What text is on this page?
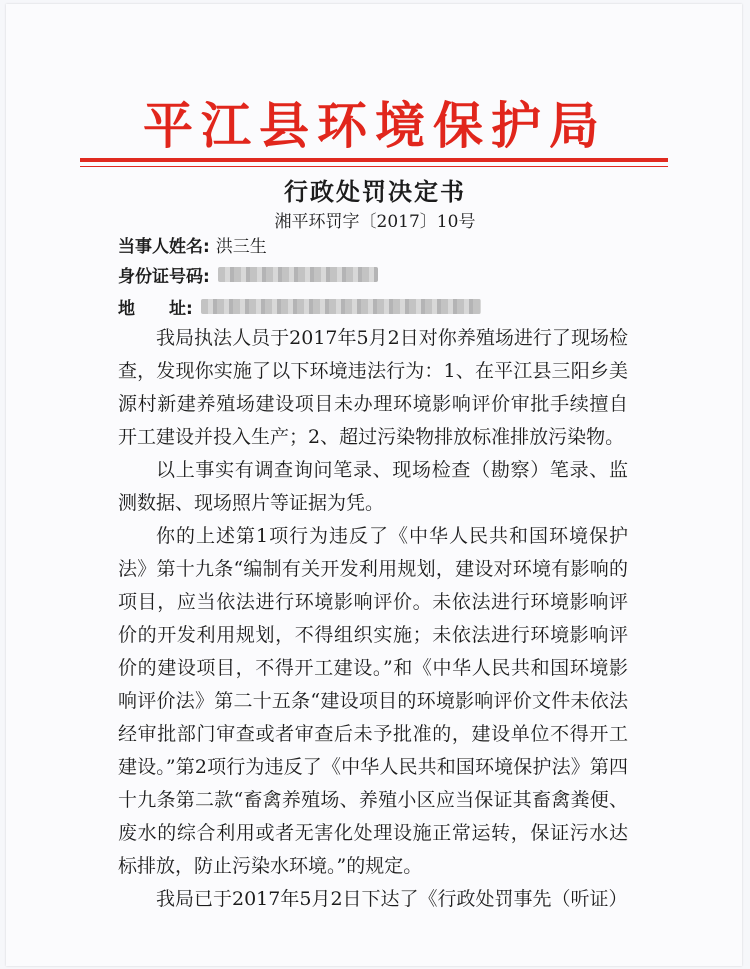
平江县环境保护局
行政处罚决定书
湘平环罚字〔2017〕10号
当事人姓名: 洪三生
身份证号码:
地　　址:

我局执法人员于2017年5月2日对你养殖场进行了现场检查，发现你实施了以下环境违法行为：1、在平江县三阳乡美源村新建养殖场建设项目未办理环境影响评价审批手续擅自开工建设并投入生产；2、超过污染物排放标准排放污染物。

以上事实有调查询问笔录、现场检查（勘察）笔录、监测数据、现场照片等证据为凭。

你的上述第1项行为违反了《中华人民共和国环境保护法》第十九条“编制有关开发利用规划，建设对环境有影响的项目，应当依法进行环境影响评价。未依法进行环境影响评价的开发利用规划，不得组织实施；未依法进行环境影响评价的建设项目，不得开工建设。”和《中华人民共和国环境影响评价法》第二十五条“建设项目的环境影响评价文件未依法经审批部门审查或者审查后未予批准的，建设单位不得开工建设。”第2项行为违反了《中华人民共和国环境保护法》第四十九条第二款“畜禽养殖场、养殖小区应当保证其畜禽粪便、废水的综合利用或者无害化处理设施正常运转，保证污水达标排放，防止污染水环境。”的规定。

我局已于2017年5月2日下达了《行政处罚事先（听证）
